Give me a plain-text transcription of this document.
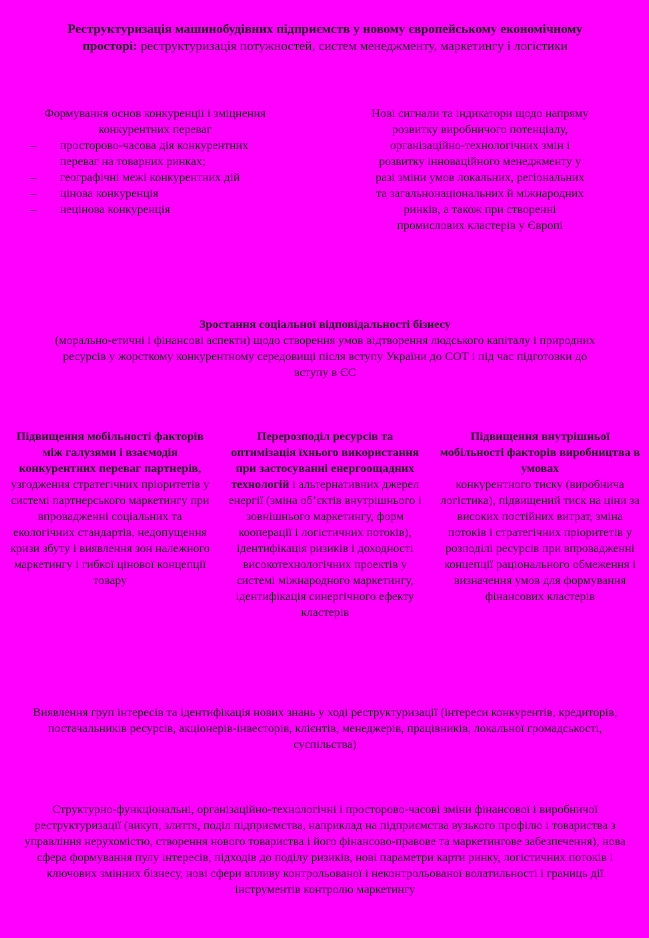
Реструктуризація машинобудівних підприємств у новому європейському економічному просторі: реструктуризація потужностей, систем менеджменту, маркетингу і логістики
Формування основ конкуренції і зміцнення конкурентних переваг
–	просторово-часова дія конкурентних переваг на товарних ринках;
–	географічні межі конкурентних дій
–	цінова конкуренція
–	нецінова конкуренція
Нові сигнали та індикатори щодо напряму розвитку виробничого потенціалу, організаційно-технологічних змін і розвитку інноваційного менеджменту у разі зміни умов локальних, регіональних та загальнонаціональних й міжнародних ринків, а також при створенні промислових кластерів у Європі
Зростання соціальної відповідальності бізнесу
(морально-етичні і фінансові аспекти) щодо створення умов відтворення людського капіталу і природних ресурсів у жорсткому конкурентному середовищі після вступу України до СОТ і під час підготовки до вступу в ЄС
Підвищення мобільності факторів між галузями і взаємодія конкурентних переваг партнерів,
узгодження стратегічних пріоритетів у системі партнерського маркетингу при впровадженні соціальних та екологічних стандартів, недопущення кризи збуту і виявлення зон належного маркетингу і гибкої цінової концепції товару
Перерозподіл ресурсів та оптимізація їхнього використання при застосуванні енергоощадних технологій і альтернативних джерел енергії (зміна об’єктів внутрішнього і зовнішнього маркетингу, форм кооперації і логістичних потоків), ідентифікація ризиків і доходності високотехнологічних проектів у системі міжнародного маркетингу, ідентифікація синергічного ефекту кластерів
Підвищення внутрішньої мобільності факторів виробництва в умовах
конкурентного тиску (виробнича логістика), підвищений тиск на ціни за високих постійних витрат, зміна потоків і стратегічних пріоритетів у розподілі ресурсів при впровадженні концепції раціонального обмеження і визначення умов для формування фінансових кластерів
Виявлення груп інтересів та ідентифікація нових знань у ході реструктуризації (інтереси конкурентів, кредиторів, постачальників ресурсів, акціонерів-інвесторів, клієнтів, менеджерів, працівників, локальної громадськості, суспільства)
Структурно-функціональні, організаційно-технологічні і просторово-часові зміни фінансової і виробничої реструктуризації (викуп, злиття, поділ підприємства, наприклад на підприємства вузького профілю і товариства з управління нерухомістю, створення нового товариства і його фінансово-правове та маркетингове забезпечення), нова сфера формування пулу інтересів, підходів до поділу ризиків, нові параметри карти ринку, логістичних потоків і ключових змінних бізнесу, нові сфери впливу контрольованої і неконтрольованої волатильності і границь дії інструментів контролю маркетингу
